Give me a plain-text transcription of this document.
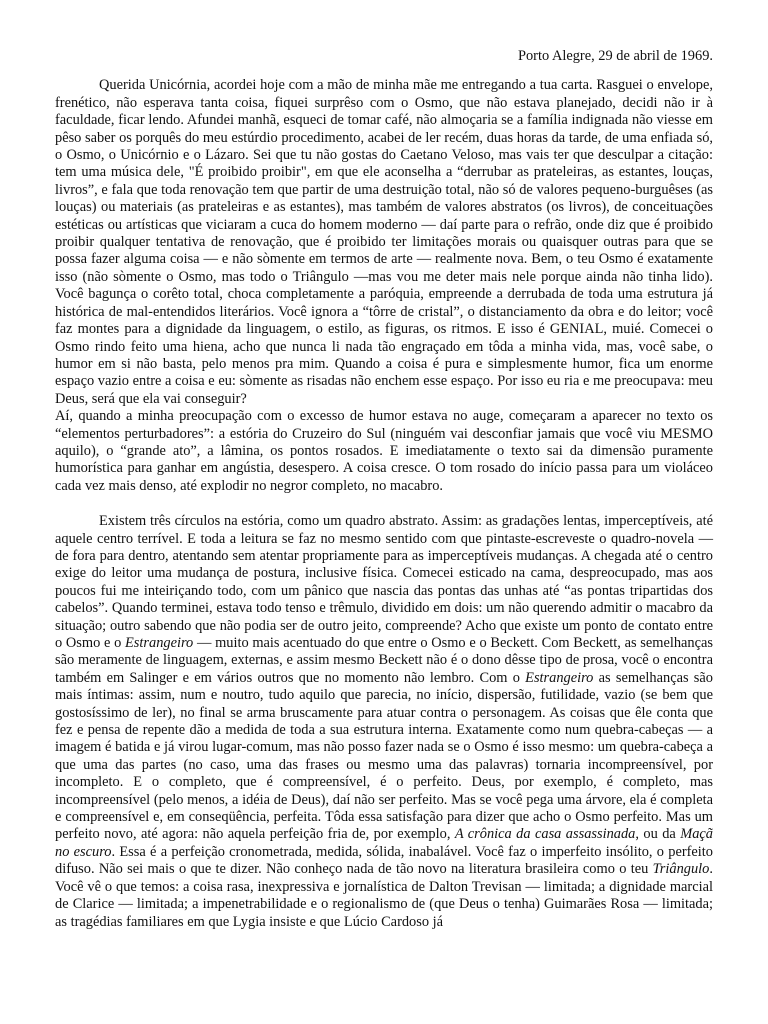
Porto Alegre, 29 de abril de 1969.

Querida Unicórnia, acordei hoje com a mão de minha mãe me entregando a tua carta. Rasguei o envelope, frenético, não esperava tanta coisa, fiquei surprêso com o Osmo, que não estava planejado, decidi não ir à faculdade, ficar lendo. Afundei manhã, esqueci de tomar café, não almoçaria se a família indignada não viesse em pêso saber os porquês do meu estúrdio procedimento, acabei de ler recém, duas horas da tarde, de uma enfiada só, o Osmo, o Unicórnio e o Lázaro. Sei que tu não gostas do Caetano Veloso, mas vais ter que desculpar a citação: tem uma música dele, "É proibido proibir", em que ele aconselha a “derrubar as prateleiras, as estantes, louças, livros”, e fala que toda renovação tem que partir de uma destruição total, não só de valores pequeno-burguêses (as louças) ou materiais (as prateleiras e as estantes), mas também de valores abstratos (os livros), de conceituações estéticas ou artísticas que viciaram a cuca do homem moderno — daí parte para o refrão, onde diz que é proibido proibir qualquer tentativa de renovação, que é proibido ter limitações morais ou quaisquer outras para que se possa fazer alguma coisa — e não sòmente em termos de arte — realmente nova. Bem, o teu Osmo é exatamente isso (não sòmente o Osmo, mas todo o Triângulo —mas vou me deter mais nele porque ainda não tinha lido). Você bagunça o corêto total, choca completamente a paróquia, empreende a derrubada de toda uma estrutura já histórica de mal-entendidos literários. Você ignora a “tôrre de cristal”, o distanciamento da obra e do leitor; você faz montes para a dignidade da linguagem, o estilo, as figuras, os ritmos. E isso é GENIAL, muié. Comecei o Osmo rindo feito uma hiena, acho que nunca li nada tão engraçado em tôda a minha vida, mas, você sabe, o humor em si não basta, pelo menos pra mim. Quando a coisa é pura e simplesmente humor, fica um enorme espaço vazio entre a coisa e eu: sòmente as risadas não enchem esse espaço. Por isso eu ria e me preocupava: meu Deus, será que ela vai conseguir?

Aí, quando a minha preocupação com o excesso de humor estava no auge, começaram a aparecer no texto os “elementos perturbadores”: a estória do Cruzeiro do Sul (ninguém vai desconfiar jamais que você viu MESMO aquilo), o “grande ato”, a lâmina, os pontos rosados. E imediatamente o texto sai da dimensão puramente humorística para ganhar em angústia, desespero. A coisa cresce. O tom rosado do início passa para um violáceo cada vez mais denso, até explodir no negror completo, no macabro.

Existem três círculos na estória, como um quadro abstrato. Assim: as gradações lentas, imperceptíveis, até aquele centro terrível. E toda a leitura se faz no mesmo sentido com que pintaste-escreveste o quadro-novela — de fora para dentro, atentando sem atentar propriamente para as imperceptíveis mudanças. A chegada até o centro exige do leitor uma mudança de postura, inclusive física. Comecei esticado na cama, despreocupado, mas aos poucos fui me inteiriçando todo, com um pânico que nascia das pontas das unhas até “as pontas tripartidas dos cabelos”. Quando terminei, estava todo tenso e trêmulo, dividido em dois: um não querendo admitir o macabro da situação; outro sabendo que não podia ser de outro jeito, compreende? Acho que existe um ponto de contato entre o Osmo e o Estrangeiro — muito mais acentuado do que entre o Osmo e o Beckett. Com Beckett, as semelhanças são meramente de linguagem, externas, e assim mesmo Beckett não é o dono dêsse tipo de prosa, você o encontra também em Salinger e em vários outros que no momento não lembro. Com o Estrangeiro as semelhanças são mais íntimas: assim, num e noutro, tudo aquilo que parecia, no início, dispersão, futilidade, vazio (se bem que gostosíssimo de ler), no final se arma bruscamente para atuar contra o personagem. As coisas que êle conta que fez e pensa de repente dão a medida de toda a sua estrutura interna. Exatamente como num quebra-cabeças — a imagem é batida e já virou lugar-comum, mas não posso fazer nada se o Osmo é isso mesmo: um quebra-cabeça a que uma das partes (no caso, uma das frases ou mesmo uma das palavras) tornaria incompreensível, por incompleto. E o completo, que é compreensível, é o perfeito. Deus, por exemplo, é completo, mas incompreensível (pelo menos, a idéia de Deus), daí não ser perfeito. Mas se você pega uma árvore, ela é completa e compreensível e, em conseqüência, perfeita. Tôda essa satisfação para dizer que acho o Osmo perfeito. Mas um perfeito novo, até agora: não aquela perfeição fria de, por exemplo, A crônica da casa assassinada, ou da Maçã no escuro. Essa é a perfeição cronometrada, medida, sólida, inabalável. Você faz o imperfeito insólito, o perfeito difuso. Não sei mais o que te dizer. Não conheço nada de tão novo na literatura brasileira como o teu Triângulo. Você vê o que temos: a coisa rasa, inexpressiva e jornalística de Dalton Trevisan — limitada; a dignidade marcial de Clarice — limitada; a impenetrabilidade e o regionalismo de (que Deus o tenha) Guimarães Rosa — limitada; as tragédias familiares em que Lygia insiste e que Lúcio Cardoso já
